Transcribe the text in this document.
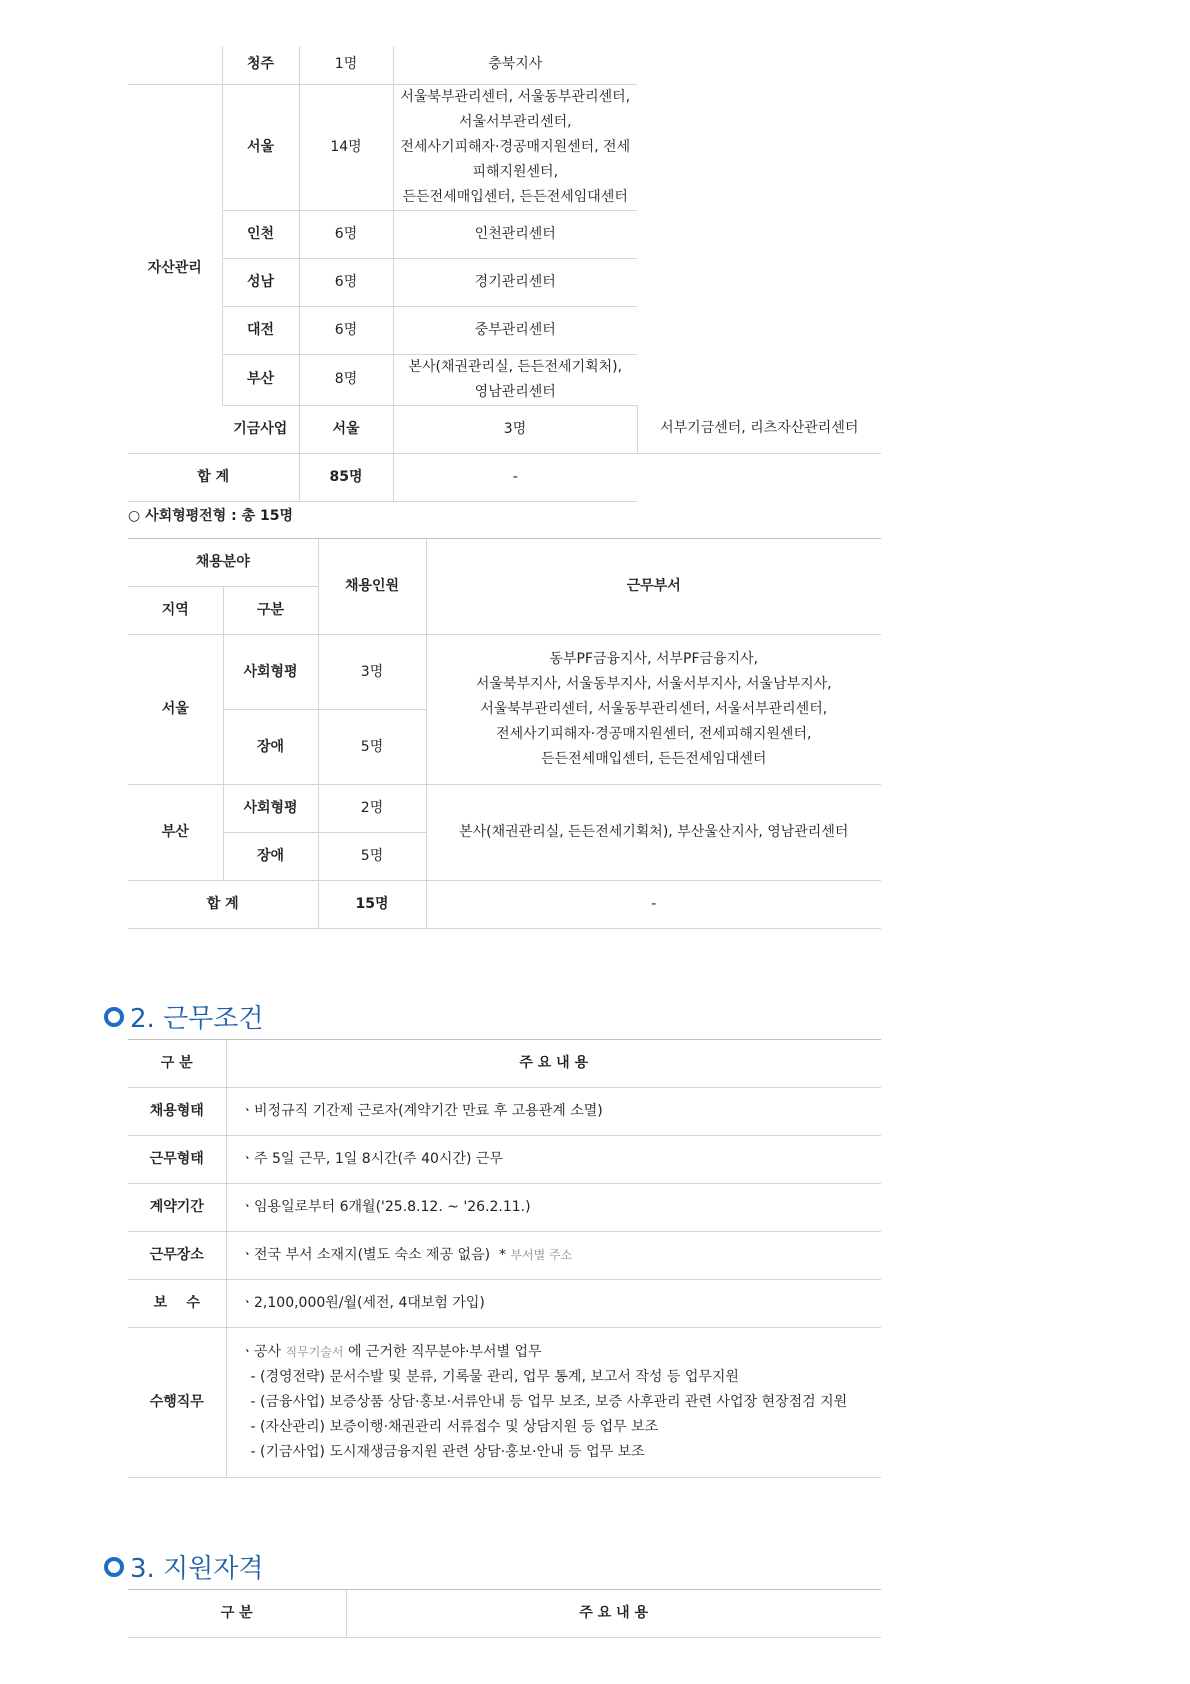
	청주	1명	충북지사	
자산관리	서울	14명	서울북부관리센터, 서울동부관리센터, 서울서부관리센터,
전세사기피해자·경공매지원센터, 전세피해지원센터,
든든전세매입센터, 든든전세임대센터	

	인천	6명	인천관리센터	
	성남	6명	경기관리센터	
	대전	6명	중부관리센터	
	부산	8명	본사(채권관리실, 든든전세기획처), 영남관리센터	
	기금사업	서울	3명	서부기금센터, 리츠자산관리센터
합 계		85명	-	
○ 사회형평전형 : 총 15명
채용분야		채용인원	근무부서
지역	구분		
서울	사회형평	3명	동부PF금융지사, 서부PF금융지사,
서울북부지사, 서울동부지사, 서울서부지사, 서울남부지사,
서울북부관리센터, 서울동부관리센터, 서울서부관리센터,
전세사기피해자·경공매지원센터, 전세피해지원센터,
든든전세매입센터, 든든전세임대센터

	장애	5명	
부산	사회형평	2명	본사(채권관리실, 든든전세기획처), 부산울산지사, 영남관리센터
	장애	5명	
합 계		15명	-
2. 근무조건
구 분	주 요 내 용
채용형태	ㆍ비정규직 기간제 근로자(계약기간 만료 후 고용관계 소멸)
근무형태	ㆍ주 5일 근무, 1일 8시간(주 40시간) 근무
계약기간	ㆍ임용일로부터 6개월('25.8.12. ~ '26.2.11.)
근무장소	ㆍ전국 부서 소재지(별도 숙소 제공 없음)  * 부서별 주소
보    수	ㆍ2,100,000원/월(세전, 4대보험 가입)
수행직무	ㆍ공사 직무기술서 에 근거한 직무분야·부서별 업무
- (경영전략) 문서수발 및 분류, 기록물 관리, 업무 통계, 보고서 작성 등 업무지원
- (금융사업) 보증상품 상담·홍보·서류안내 등 업무 보조, 보증 사후관리 관련 사업장 현장점검 지원
- (자산관리) 보증이행·채권관리 서류접수 및 상담지원 등 업무 보조
- (기금사업) 도시재생금융지원 관련 상담·홍보·안내 등 업무 보조
3. 지원자격
구 분	주 요 내 용
